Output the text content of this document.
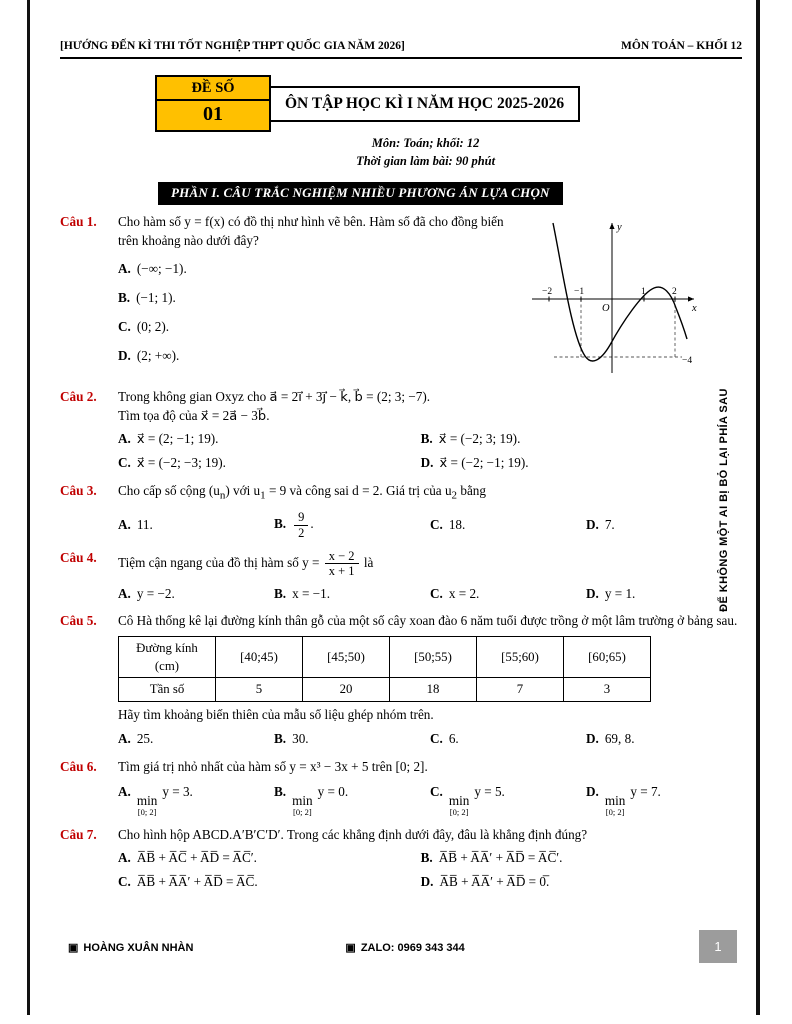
[HƯỚNG ĐẾN KÌ THI TỐT NGHIỆP THPT QUỐC GIA NĂM 2026]	MÔN TOÁN – KHỐI 12
ĐỀ SỐ
01	ÔN TẬP HỌC KÌ I NĂM HỌC 2025-2026
Môn: Toán; khối: 12
Thời gian làm bài: 90 phút
PHẦN I. CÂU TRẮC NGHIỆM NHIỀU PHƯƠNG ÁN LỰA CHỌN
Câu 1.
−2 −1	1	2
O
y
x
−4
Cho hàm số y = f(x) có đồ thị như hình vẽ bên. Hàm số đã cho đồng biến trên khoảng nào dưới đây?
A. (−∞; −1).
B. (−1; 1).
C. (0; 2).
D. (2; +∞).
Câu 2.	Trong không gian Oxyz cho a⃗ = 2i⃗ + 3j⃗ − k⃗, b⃗ = (2; 3; −7).
Tìm tọa độ của x⃗ = 2a⃗ − 3b⃗.
A. x⃗ = (2; −1; 19).	B. x⃗ = (−2; 3; 19).
C. x⃗ = (−2; −3; 19).	D. x⃗ = (−2; −1; 19).
Câu 3.	Cho cấp số cộng $(u_n)$ với $u_1 = 9$ và công sai d = 2. Giá trị của $u_2$ bằng
A. 11.	B. $\frac{9}{2}$ .	C. 18.	D. 7.
Câu 4.	Tiệm cận ngang của đồ thị hàm số $y = \frac{x - 2}{x + 1}$ là
A. y = −2.	B. x = −1.	C. x = 2.	D. y = 1.
Câu 5.	Cô Hà thống kê lại đường kính thân gỗ của một số cây xoan đào 6 năm tuổi được trồng ở một lâm trường ở bảng sau.
Đường kính (cm)	[40;45)	[45;50)	[50;55)	[55;60)	[60;65)
Tần số	5	20	18	7	3
Hãy tìm khoảng biến thiên của mẫu số liệu ghép nhóm trên.
A. 25.	B. 30.	C. 6.	D. 69, 8.
Câu 6.	Tìm giá trị nhỏ nhất của hàm số y = x³ − 3x + 5 trên [0; 2].
A.
min
[0; 2]
y = 3.	B.
min
[0; 2]
y = 0.	C.
min
[0; 2]
y = 5.	D.
min
[0; 2]
y = 7.
Câu 7.	Cho hình hộp ABCD.A′B′C′D′. Trong các khẳng định dưới đây, đâu là khẳng định đúng?
A. A̅B̅ + A̅C̅ + A̅D̅ = A̅C̅′.	B. A̅B̅ + A̅A̅′ + A̅D̅ = A̅C̅′.
C. A̅B̅ + A̅A̅′ + A̅D̅ = A̅C̅.	D. A̅B̅ + A̅A̅′ + A̅D̅ = 0̅.
ĐỂ KHÔNG MỘT AI BỊ BỎ LẠI PHÍA SAU
▣ HOÀNG XUÂN NHÀN	▣ ZALO: 0969 343 344	1
